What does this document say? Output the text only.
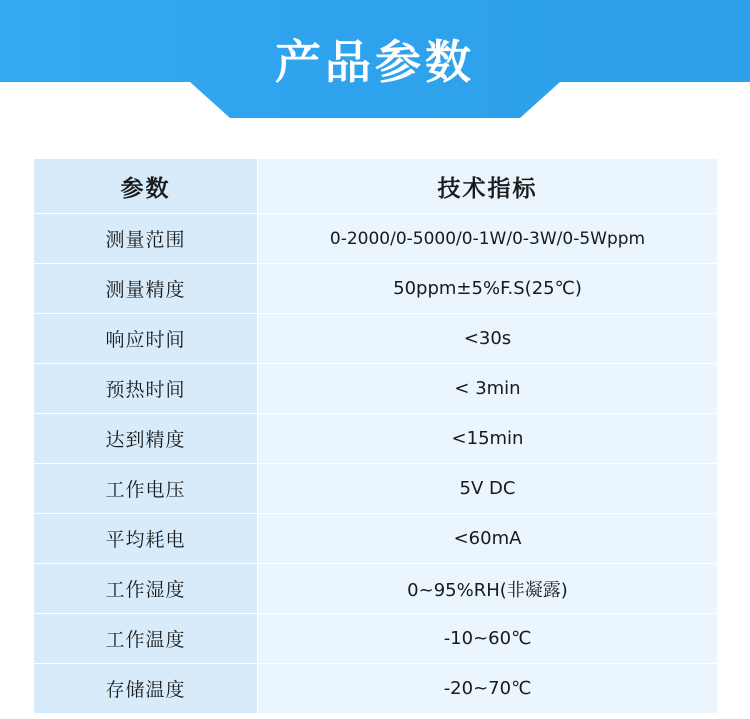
产品参数
参数	技术指标
测量范围	0-2000/0-5000/0-1W/0-3W/0-5Wppm
测量精度	50ppm±5%F.S(25℃)
响应时间	<30s
预热时间	< 3min
达到精度	<15min
工作电压	5V DC
平均耗电	<60mA
工作湿度	0~95%RH(非凝露)
工作温度	-10~60℃
存储温度	-20~70℃
